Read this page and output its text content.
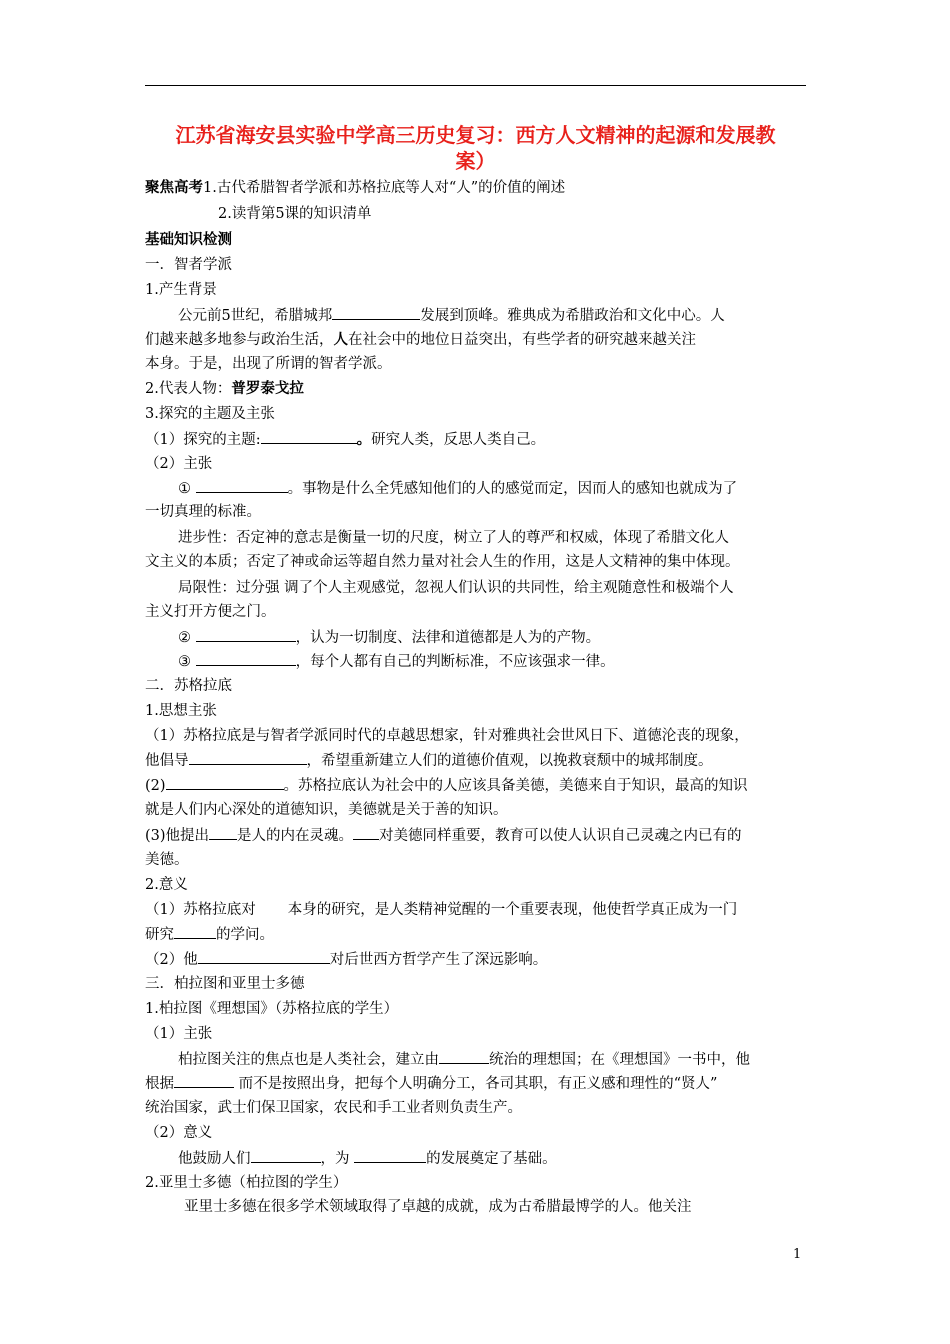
江苏省海安县实验中学高三历史复习：西方人文精神的起源和发展教
案）
聚焦高考1.古代希腊智者学派和苏格拉底等人对“人”的价值的阐述
2.读背第5课的知识清单
基础知识检测
一．智者学派
1.产生背景
公元前5世纪，希腊城邦	发展到顶峰。雅典成为希腊政治和文化中心。人
们越来越多地参与政治生活，人在社会中的地位日益突出，有些学者的研究越来越关注
本身。于是，出现了所谓的智者学派。
2.代表人物：普罗泰戈拉
3.探究的主题及主张
（1）探究的主题:	。研究人类，反思人类自己。
（2）主张
①	。事物是什么全凭感知他们的人的感觉而定，因而人的感知也就成为了
一切真理的标准。
进步性：否定神的意志是衡量一切的尺度，树立了人的尊严和权威，体现了希腊文化人
文主义的本质；否定了神或命运等超自然力量对社会人生的作用，这是人文精神的集中体现。
局限性：过分强 调了个人主观感觉，忽视人们认识的共同性，给主观随意性和极端个人
主义打开方便之门。
②	，认为一切制度、法律和道德都是人为的产物。
③	，每个人都有自己的判断标准，不应该强求一律。
二．苏格拉底
1.思想主张
（1）苏格拉底是与智者学派同时代的卓越思想家，针对雅典社会世风日下、道德沦丧的现象，
他倡导	，希望重新建立人们的道德价值观，以挽救衰颓中的城邦制度。
(2)	。苏格拉底认为社会中的人应该具备美德，美德来自于知识，最高的知识
就是人们内心深处的道德知识，美德就是关于善的知识。
(3)他提出 是人的内在灵魂。 对美德同样重要，教育可以使人认识自己灵魂之内已有的
美德。
2.意义
（1）苏格拉底对 本身的研究，是人类精神觉醒的一个重要表现，他使哲学真正成为一门
研究	的学问。
（2）他	对后世西方哲学产生了深远影响。
三．柏拉图和亚里士多德
1.柏拉图《理想国》（苏格拉底的学生）
（1）主张
柏拉图关注的焦点也是人类社会，建立由	统治的理想国；在《理想国》一书中，他
根据	而不是按照出身，把每个人明确分工，各司其职，有正义感和理性的“贤人”
统治国家，武士们保卫国家，农民和手工业者则负责生产。
（2）意义
他鼓励人们	，为	的发展奠定了基础。
2.亚里士多德（柏拉图的学生）
亚里士多德在很多学术领域取得了卓越的成就，成为古希腊最博学的人。他关注
1
